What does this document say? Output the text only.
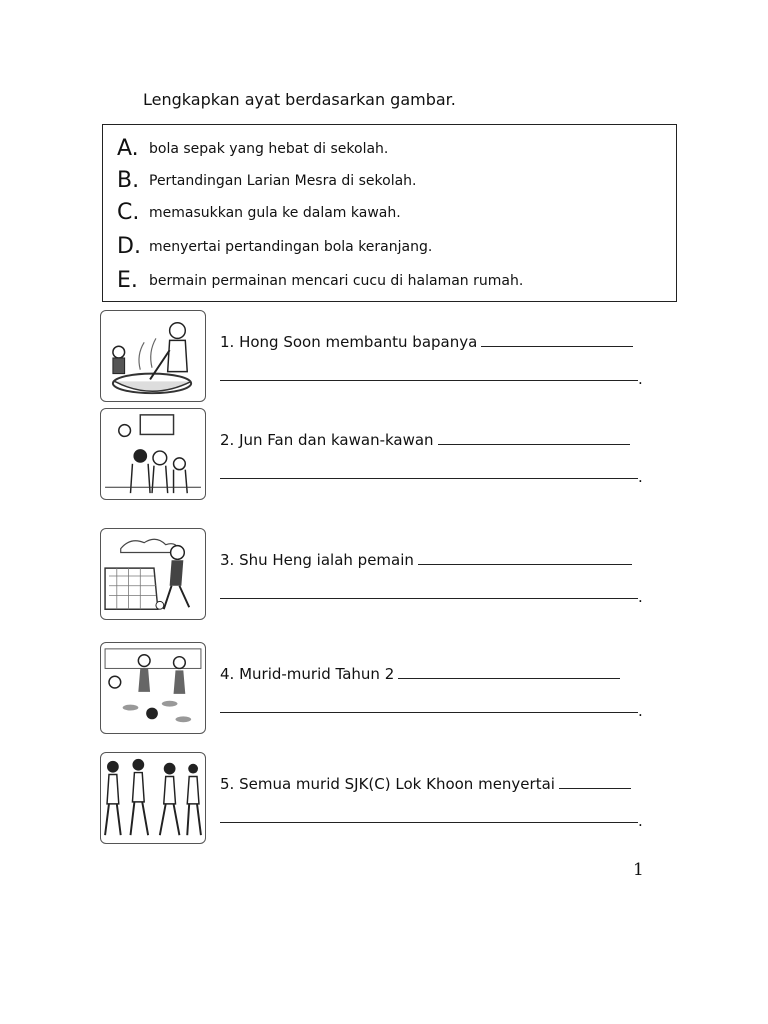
Lengkapkan ayat berdasarkan gambar.
A. bola sepak yang hebat di sekolah.
B. Pertandingan Larian Mesra di sekolah.
C. memasukkan gula ke dalam kawah.
D. menyertai pertandingan bola keranjang.
E. bermain permainan mencari cucu di halaman rumah.
1. Hong Soon membantu bapanya
.
2. Jun Fan dan kawan-kawan
.
3. Shu Heng ialah pemain
.
4. Murid-murid Tahun 2
.
5. Semua murid SJK(C) Lok Khoon menyertai
.
1
